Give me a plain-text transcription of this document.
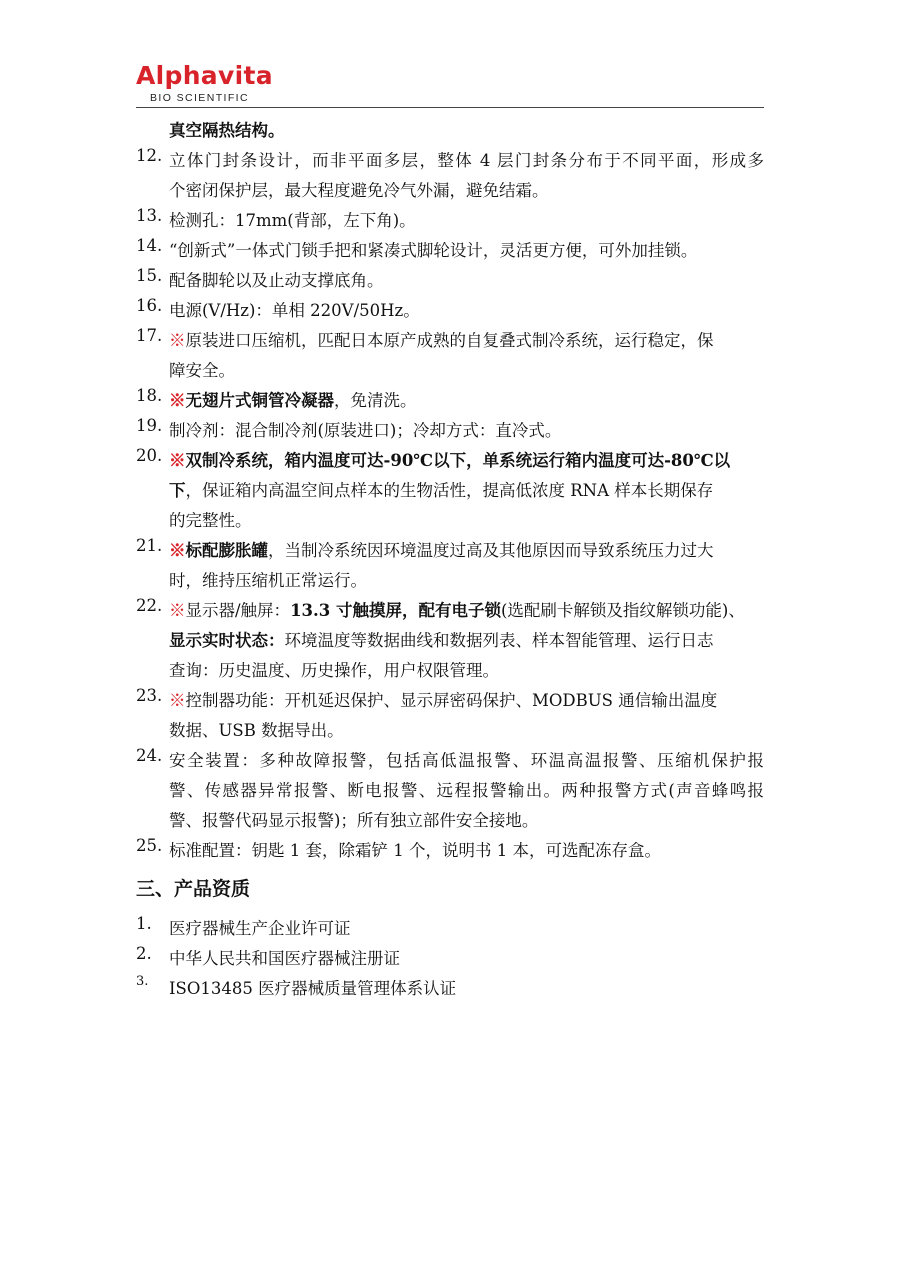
Alphavita
BIO SCIENTIFIC
真空隔热结构。
12. 立体门封条设计，而非平面多层，整体 4 层门封条分布于不同平面，形成多
个密闭保护层，最大程度避免冷气外漏，避免结霜。
13. 检测孔：17mm(背部，左下角)。
14. “创新式”一体式门锁手把和紧凑式脚轮设计，灵活更方便，可外加挂锁。
15. 配备脚轮以及止动支撑底角。
16. 电源(V/Hz)：单相 220V/50Hz。
17. ※原装进口压缩机，匹配日本原产成熟的自复叠式制冷系统，运行稳定，保
障安全。
18. ※无翅片式铜管冷凝器，免清洗。
19. 制冷剂：混合制冷剂(原装进口)；冷却方式：直冷式。
20. ※双制冷系统，箱内温度可达-90℃以下，单系统运行箱内温度可达-80℃以
下，保证箱内高温空间点样本的生物活性，提高低浓度 RNA 样本长期保存
的完整性。
21. ※标配膨胀罐，当制冷系统因环境温度过高及其他原因而导致系统压力过大
时，维持压缩机正常运行。
22. ※显示器/触屏：13.3 寸触摸屏，配有电子锁(选配刷卡解锁及指纹解锁功能)、
显示实时状态：环境温度等数据曲线和数据列表、样本智能管理、运行日志
查询：历史温度、历史操作，用户权限管理。
23. ※控制器功能：开机延迟保护、显示屏密码保护、MODBUS 通信输出温度
数据、USB 数据导出。
24. 安全装置：多种故障报警，包括高低温报警、环温高温报警、压缩机保护报
警、传感器异常报警、断电报警、远程报警输出。两种报警方式(声音蜂鸣报
警、报警代码显示报警)；所有独立部件安全接地。
25. 标准配置：钥匙 1 套，除霜铲 1 个，说明书 1 本，可选配冻存盒。
三、产品资质
1.	医疗器械生产企业许可证
2.	中华人民共和国医疗器械注册证
3.	ISO13485 医疗器械质量管理体系认证
